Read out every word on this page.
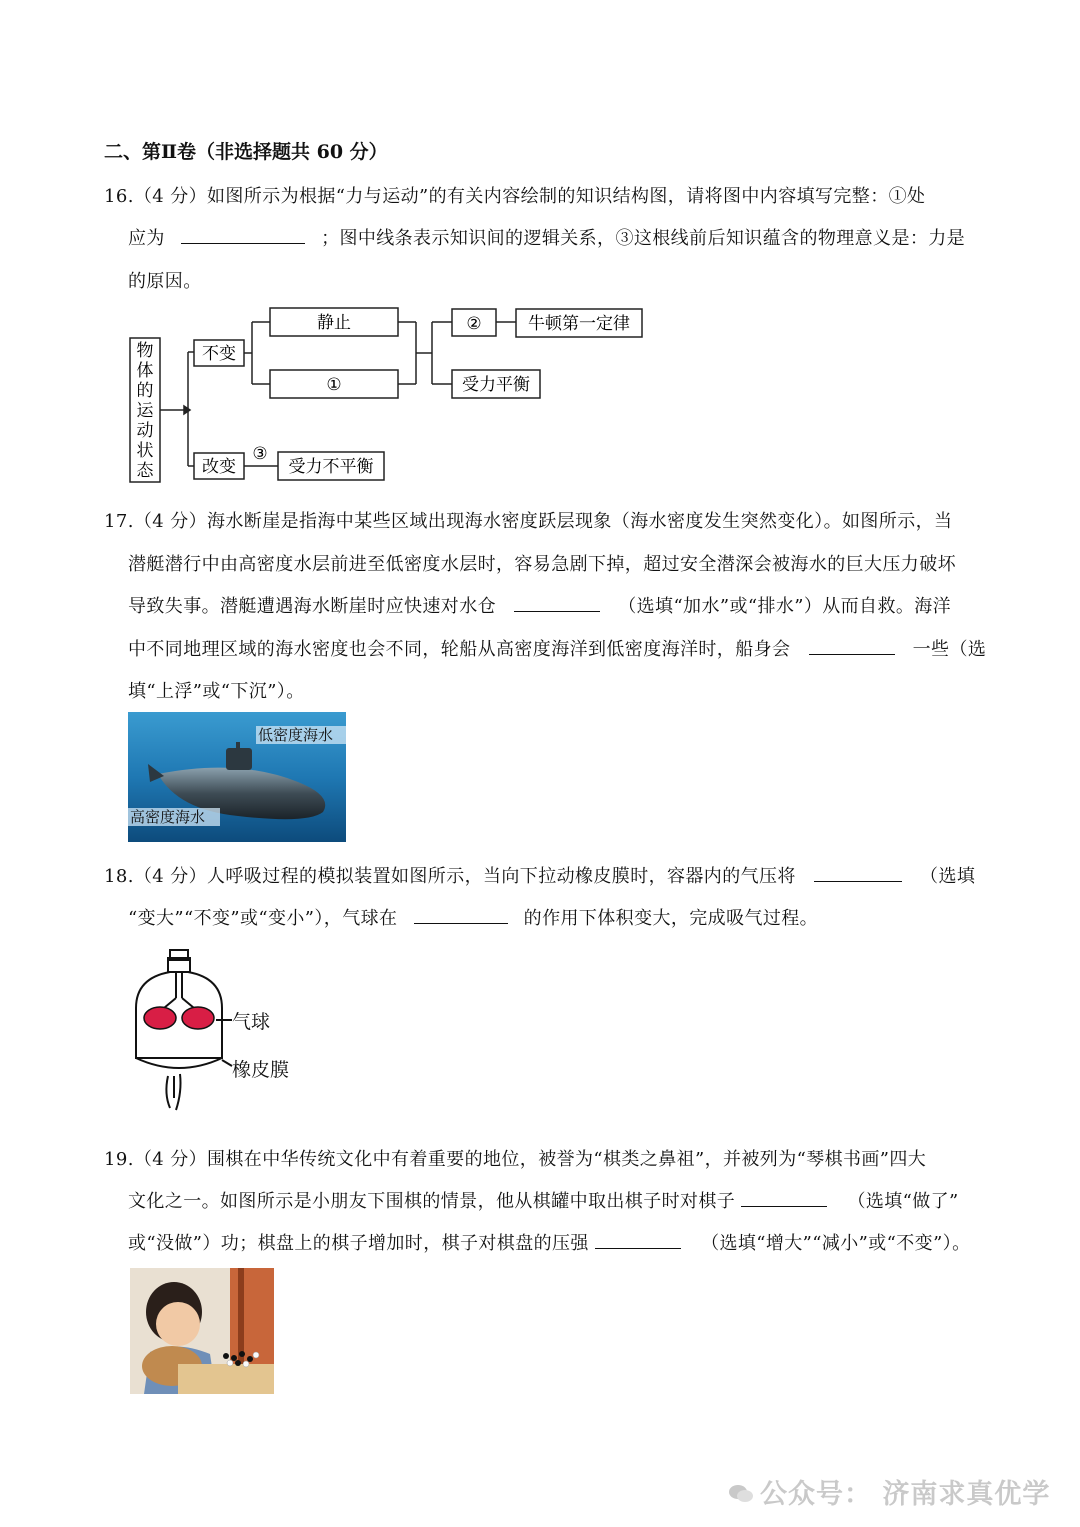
二、第Ⅱ卷（非选择题共 60 分）
16.（4 分）如图所示为根据“力与运动”的有关内容绘制的知识结构图，请将图中内容填写完整：①处
应为	；图中线条表示知识间的逻辑关系，③这根线前后知识蕴含的物理意义是：力是
的原因。
物
体
的
运
动
状
态
不变
改变
静止
①
②	牛顿第一定律
受力平衡
③
受力不平衡
17.（4 分）海水断崖是指海中某些区域出现海水密度跃层现象（海水密度发生突然变化）。如图所示，当
潜艇潜行中由高密度水层前进至低密度水层时，容易急剧下掉，超过安全潜深会被海水的巨大压力破坏
导致失事。潜艇遭遇海水断崖时应快速对水仓	（选填“加水”或“排水”）从而自救。海洋
中不同地理区域的海水密度也会不同，轮船从高密度海洋到低密度海洋时，船身会	一些（选
填“上浮”或“下沉”）。
低密度海水
高密度海水
18.（4 分）人呼吸过程的模拟装置如图所示，当向下拉动橡皮膜时，容器内的气压将	（选填
“变大”“不变”或“变小”），气球在	的作用下体积变大，完成吸气过程。
气球
橡皮膜
19.（4 分）围棋在中华传统文化中有着重要的地位，被誉为“棋类之鼻祖”，并被列为“琴棋书画”四大
文化之一。如图所示是小朋友下围棋的情景，他从棋罐中取出棋子时对棋子	（选填“做了”
或“没做”）功；棋盘上的棋子增加时，棋子对棋盘的压强	（选填“增大”“减小”或“不变”）。
公众号： 济南求真优学
